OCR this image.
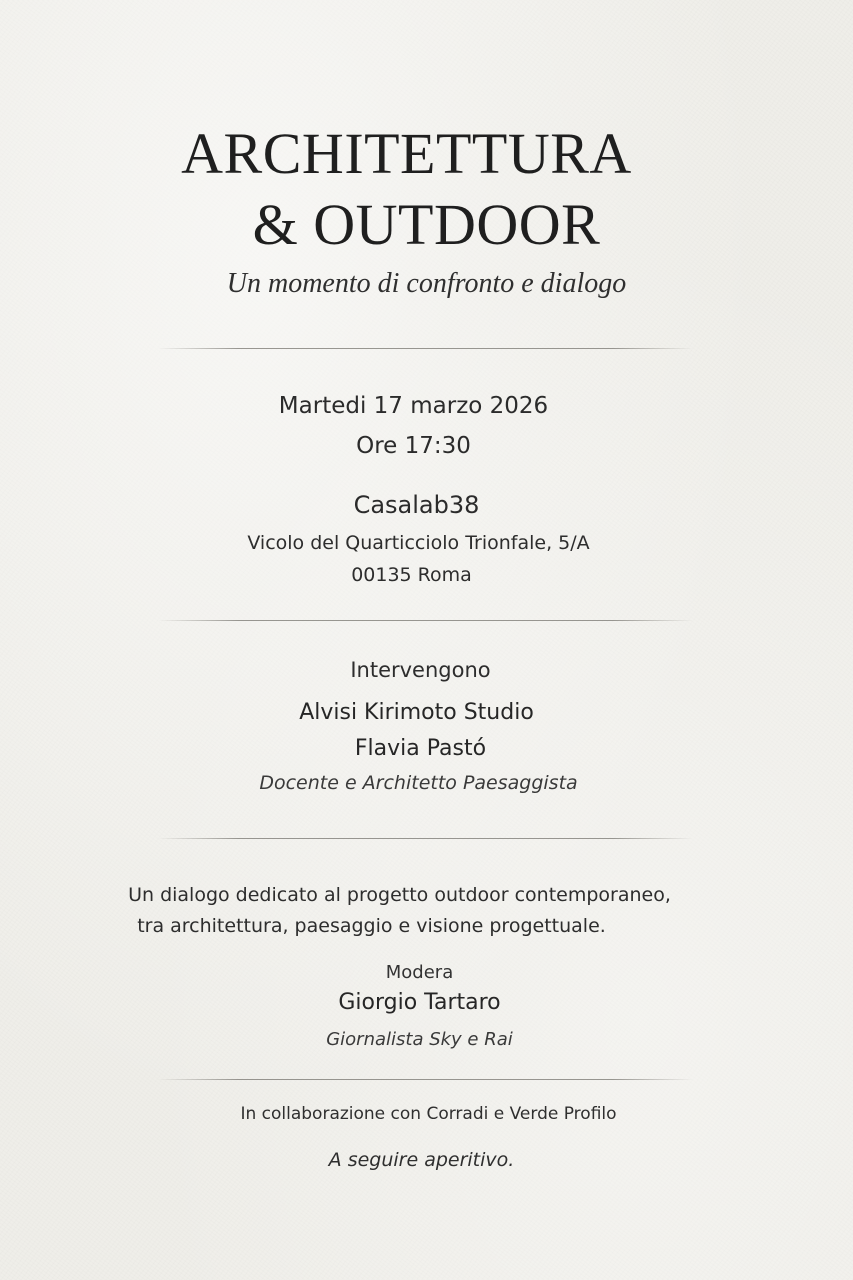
ARCHITETTURA
& OUTDOOR

Un momento di confronto e dialogo

Martedi 17 marzo 2026

Ore 17:30

Casalab38

Vicolo del Quarticciolo Trionfale, 5/A

00135 Roma

Intervengono

Alvisi Kirimoto Studio

Flavia Pastó

Docente e Architetto Paesaggista

Un dialogo dedicato al progetto outdoor contemporaneo,

tra architettura, paesaggio e visione progettuale.

Modera

Giorgio Tartaro

Giornalista Sky e Rai

In collaborazione con Corradi e Verde Profilo

A seguire aperitivo.
